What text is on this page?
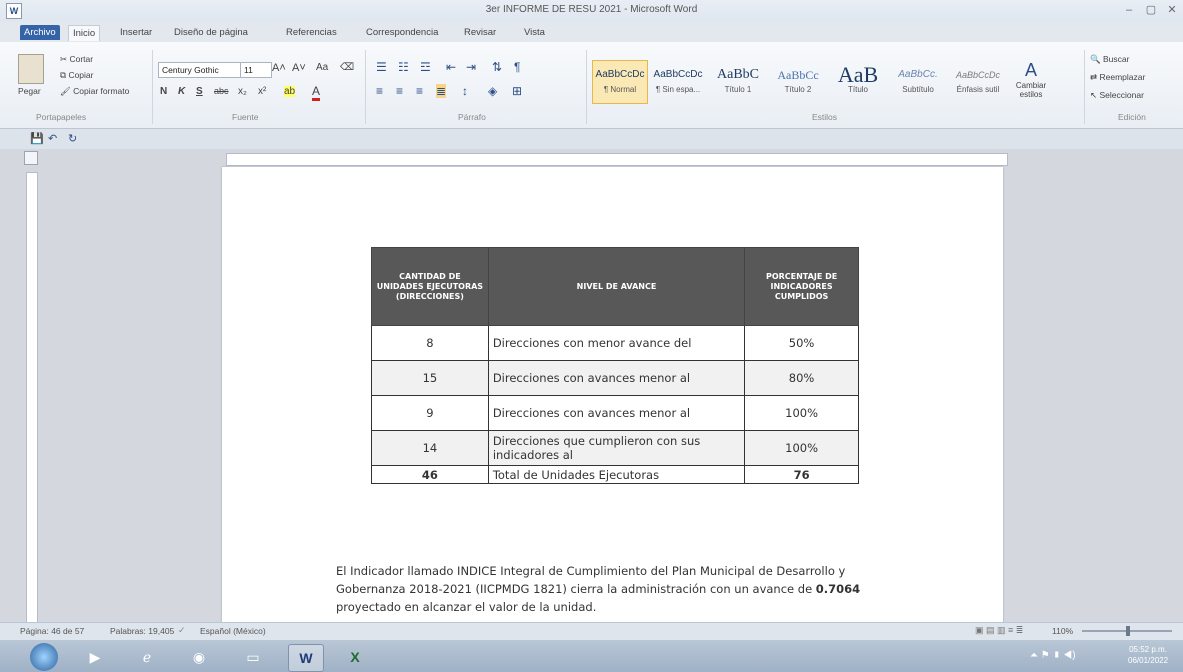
W	3er INFORME DE RESU 2021 - Microsoft Word	–	▢	✕
Archivo	Inicio	Insertar	Diseño de página	Referencias	Correspondencia	Revisar	Vista
Pegar
✂ Cortar
⧉ Copiar
🖌 Copiar formato
Portapapeles
Century Gothic	11	A˄ A˅ Aa ⌫
N K S abc x₂ x² ab A
Fuente
☰ ☷ ☲ ⇤ ⇥ ⇅ ¶
≡ ≡ ≡ ≣ ↕ ◈ ⊞
Párrafo
AaBbCcDc
¶ Normal
AaBbCcDc
¶ Sin espa...
AaBbC
Título 1
AaBbCc
Título 2
AaB
Título
AaBbCc.
Subtítulo
AaBbCcDc
Énfasis sutil
A
Cambiar estilos
Estilos
🔍 Buscar
⇄ Reemplazar
↖ Seleccionar
Edición
💾 ↶ ↻
CANTIDAD DE UNIDADES EJECUTORAS (DIRECCIONES)	NIVEL DE AVANCE	PORCENTAJE DE INDICADORES CUMPLIDOS
8	Direcciones con menor avance del	50%
15	Direcciones con avances menor al	80%
9	Direcciones con avances menor al	100%
14	Direcciones que cumplieron con sus indicadores al	100%
46	Total de Unidades Ejecutoras	76
El Indicador llamado INDICE Integral de Cumplimiento del Plan Municipal de Desarrollo y Gobernanza 2018-2021 (IICPMDG 1821) cierra la administración con un avance de 0.7064 proyectado en alcanzar el valor de la unidad.
Página: 46 de 57	Palabras: 19,405 ✓ Español (México)	▣ ▤ ▥ ≡ ≣	110%
▶	ℯ	◉	▭	W	X	⏶ ⚑ ▮ ◀)
05:52 p.m.
06/01/2022
